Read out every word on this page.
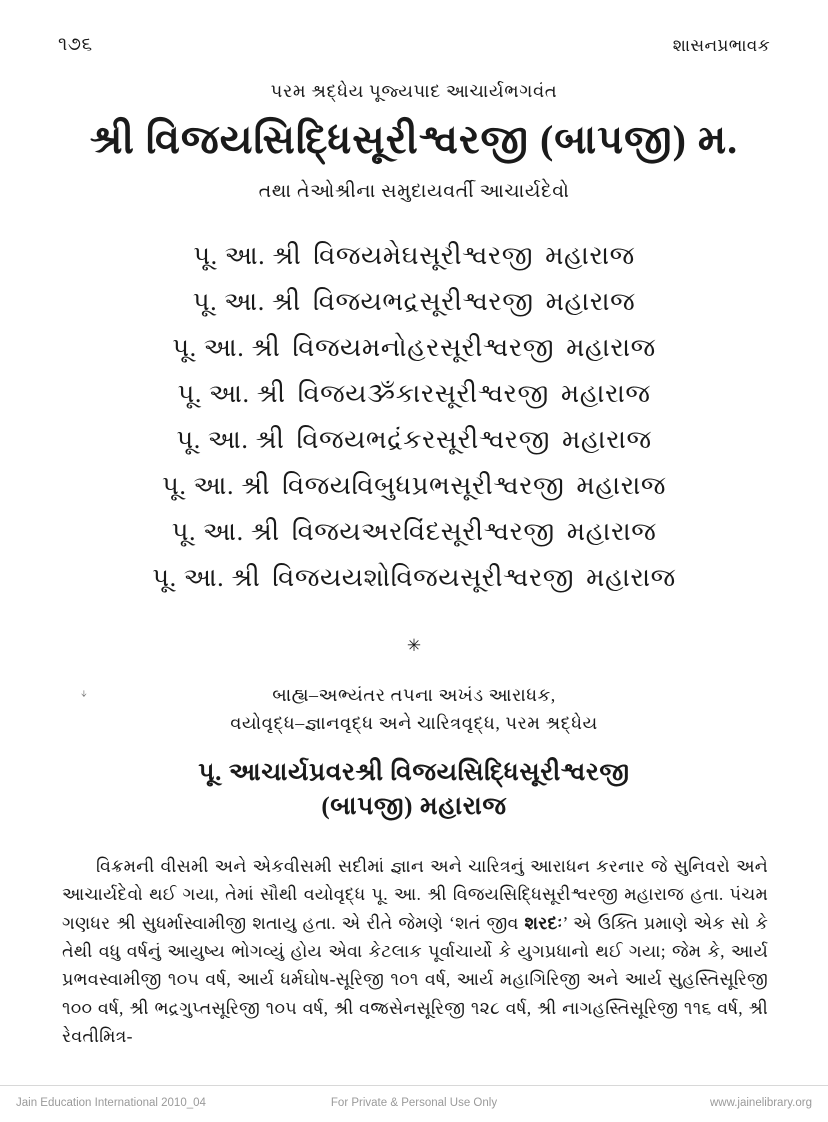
૧૭૬	શાસનપ્રભાવક
પરમ શ્રદ્ધેય પૂજ્યપાદ આચાર્યભગવંત
શ્રી વિજયસિદ્ધિસૂરીશ્વરજી (બાપજી) મ.
તથા તેઓશ્રીના સમુદાયવર્તી આચાર્યદેવો
પૂ. આ. શ્રી વિજયમેઘસૂરીશ્વરજી મહારાજ
પૂ. આ. શ્રી વિજયભદ્રસૂરીશ્વરજી મહારાજ
પૂ. આ. શ્રી વિજયમનોહરસૂરીશ્વરજી મહારાજ
પૂ. આ. શ્રી વિજયૐકારસૂરીશ્વરજી મહારાજ
પૂ. આ. શ્રી વિજયભદ્રંકરસૂરીશ્વરજી મહારાજ
પૂ. આ. શ્રી વિજયવિબુધપ્રભસૂરીશ્વરજી મહારાજ
પૂ. આ. શ્રી વિજયઅરવિંદસૂરીશ્વરજી મહારાજ
પૂ. આ. શ્રી વિજયયશોવિજયસૂરીશ્વરજી મહારાજ
✳
ᛎ	બાહ્ય–અભ્યંતર તપના અખંડ આરાધક,
વયોવૃદ્ધ–જ્ઞાનવૃદ્ધ અને ચારિત્રવૃદ્ધ, પરમ શ્રદ્ધેય
પૂ. આચાર્યપ્રવરશ્રી વિજયસિદ્ધિસૂરીશ્વરજી
(બાપજી) મહારાજ
વિક્રમની વીસમી અને એકવીસમી સદીમાં જ્ઞાન અને ચારિત્રનું આરાધન કરનાર જે સુનિવરો અને આચાર્યદેવો થઈ ગયા, તેમાં સૌથી વયોવૃદ્ધ પૂ. આ. શ્રી વિજયસિદ્ધિસૂરીશ્વરજી મહારાજ હતા. પંચમ ગણધર શ્રી સુધર્માસ્વામીજી શતાયુ હતા. એ રીતે જેમણે ‘શતં જીવ શરદઃ’ એ ઉક્તિ પ્રમાણે એક સો કે તેથી વધુ વર્ષનું આયુષ્ય ભોગવ્યું હોય એવા કેટલાક પૂર્વાચાર્યો કે યુગપ્રધાનો થઈ ગયા; જેમ કે, આર્ય પ્રભવસ્વામીજી ૧૦૫ વર્ષ, આર્ય ધર્મઘોષ-સૂરિજી ૧૦૧ વર્ષ, આર્ય મહાગિરિજી અને આર્ય સુહસ્તિસૂરિજી ૧૦૦ વર્ષ, શ્રી ભદ્રગુપ્તસૂરિજી ૧૦૫ વર્ષ, શ્રી વજ્રસેનસૂરિજી ૧૨૮ વર્ષ, શ્રી નાગહસ્તિસૂરિજી ૧૧૬ વર્ષ, શ્રી રેવતીમિત્ર-
Jain Education International 2010_04	For Private & Personal Use Only	www.jainelibrary.org
